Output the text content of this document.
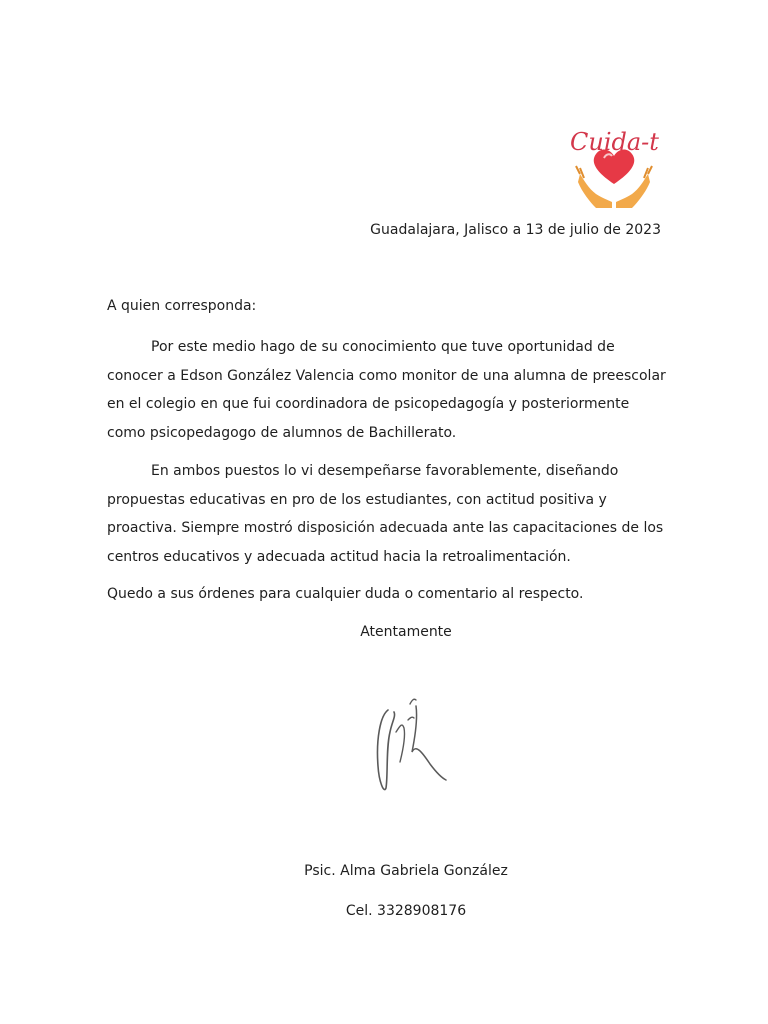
Cuida-t
Guadalajara, Jalisco a 13 de julio de 2023

A quien corresponda:

Por este medio hago de su conocimiento que tuve oportunidad de conocer a Edson González Valencia como monitor de una alumna de preescolar en el colegio en que fui coordinadora de psicopedagogía y posteriormente como psicopedagogo de alumnos de Bachillerato.

En ambos puestos lo vi desempeñarse favorablemente, diseñando propuestas educativas en pro de los estudiantes, con actitud positiva y proactiva. Siempre mostró disposición adecuada ante las capacitaciones de los centros educativos y adecuada actitud hacia la retroalimentación.

Quedo a sus órdenes para cualquier duda o comentario al respecto.

Atentamente
Psic. Alma Gabriela González
Cel. 3328908176
